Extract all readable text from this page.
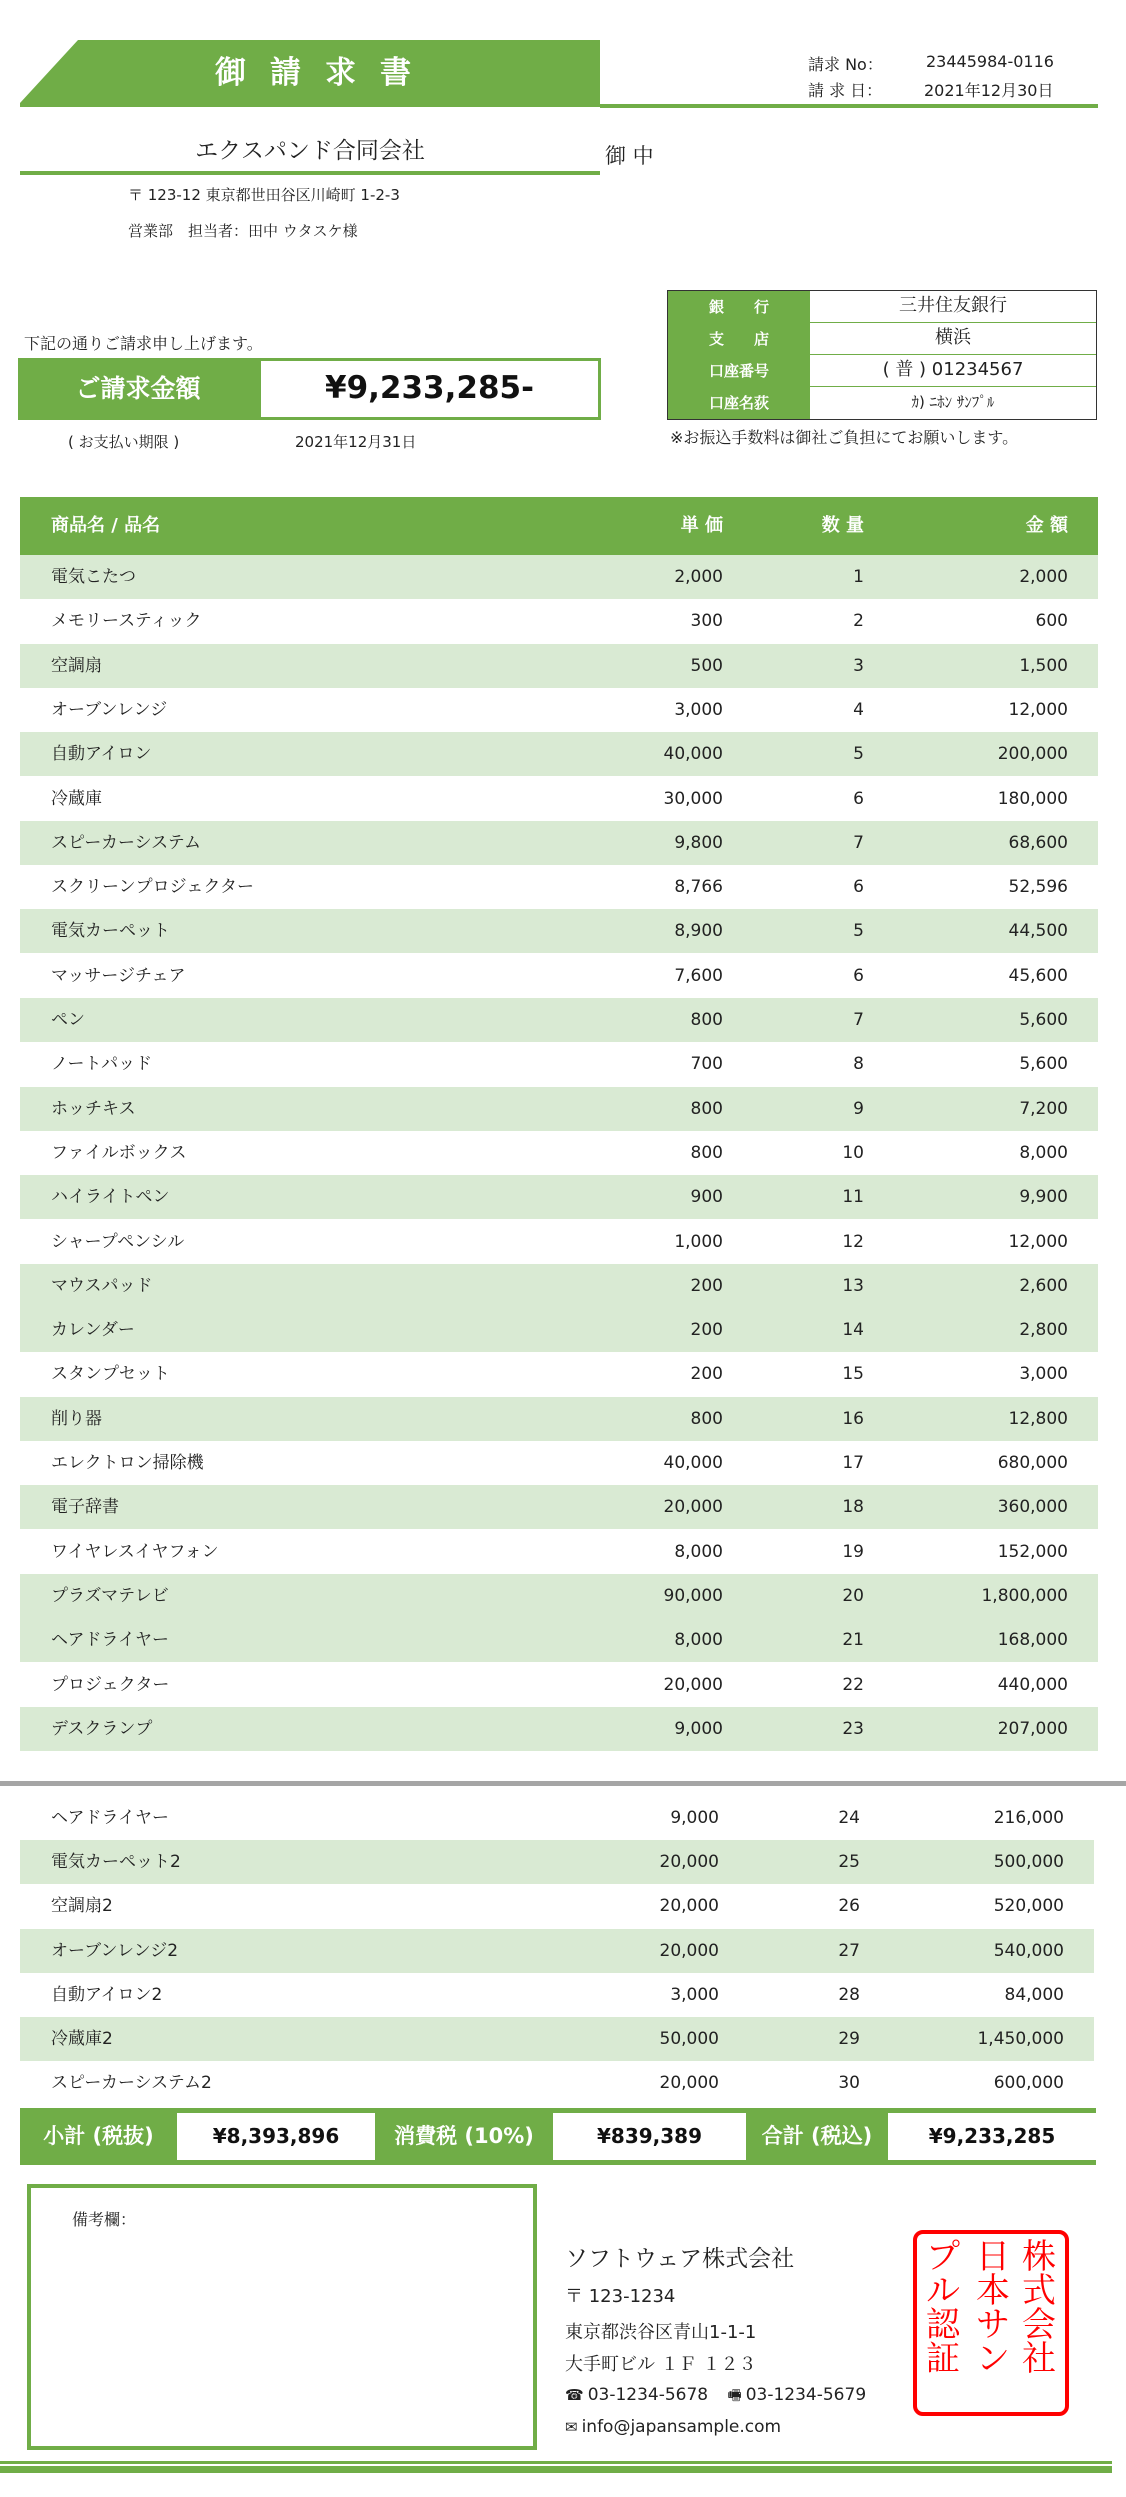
御請求書	請求 No：	23445984-0116
請 求 日：	2021年12月30日
エクスパンド合同会社	御 中
〒 123-12 東京都世田谷区川崎町 1-2-3
営業部　担当者：田中 ウタスケ様
下記の通りご請求申し上げます。
ご請求金額	¥9,233,285-
( お支払い期限 )	2021年12月31日
銀　　行	三井住友銀行
支　　店	横浜
口座番号	( 普 ) 01234567
口座名荻	ｶ) ﾆﾎﾝ ｻﾝﾌﾟﾙ
※お振込手数料は御社ご負担にてお願いします。
商品名 / 品名	単 価	数 量	金 額
電気こたつ	2,000	1	2,000
メモリースティック	300	2	600
空調扇	500	3	1,500
オーブンレンジ	3,000	4	12,000
自動アイロン	40,000	5	200,000
冷蔵庫	30,000	6	180,000
スピーカーシステム	9,800	7	68,600
スクリーンプロジェクター	8,766	6	52,596
電気カーペット	8,900	5	44,500
マッサージチェア	7,600	6	45,600
ペン	800	7	5,600
ノートパッド	700	8	5,600
ホッチキス	800	9	7,200
ファイルボックス	800	10	8,000
ハイライトペン	900	11	9,900
シャープペンシル	1,000	12	12,000
マウスパッド	200	13	2,600
カレンダー	200	14	2,800
スタンプセット	200	15	3,000
削り器	800	16	12,800
エレクトロン掃除機	40,000	17	680,000
電子辞書	20,000	18	360,000
ワイヤレスイヤフォン	8,000	19	152,000
プラズマテレビ	90,000	20	1,800,000
ヘアドライヤー	8,000	21	168,000
プロジェクター	20,000	22	440,000
デスクランプ	9,000	23	207,000
ヘアドライヤー	9,000	24	216,000
電気カーペット2	20,000	25	500,000
空調扇2	20,000	26	520,000
オーブンレンジ2	20,000	27	540,000
自動アイロン2	3,000	28	84,000
冷蔵庫2	50,000	29	1,450,000
スピーカーシステム2	20,000	30	600,000
小計 (税抜)	¥8,393,896	消費税 (10%)	¥839,389	合計 (税込)	¥9,233,285
備考欄：
ソフトウェア株式会社
〒 123-1234
東京都渋谷区青山1-1-1
大手町ビル １Ｆ １２３
☎ 03-1234-5678 🖷 03-1234-5679
✉ info@japansample.com
株
式
会
社
日
本
サ
ン
プ
ル
認
証
